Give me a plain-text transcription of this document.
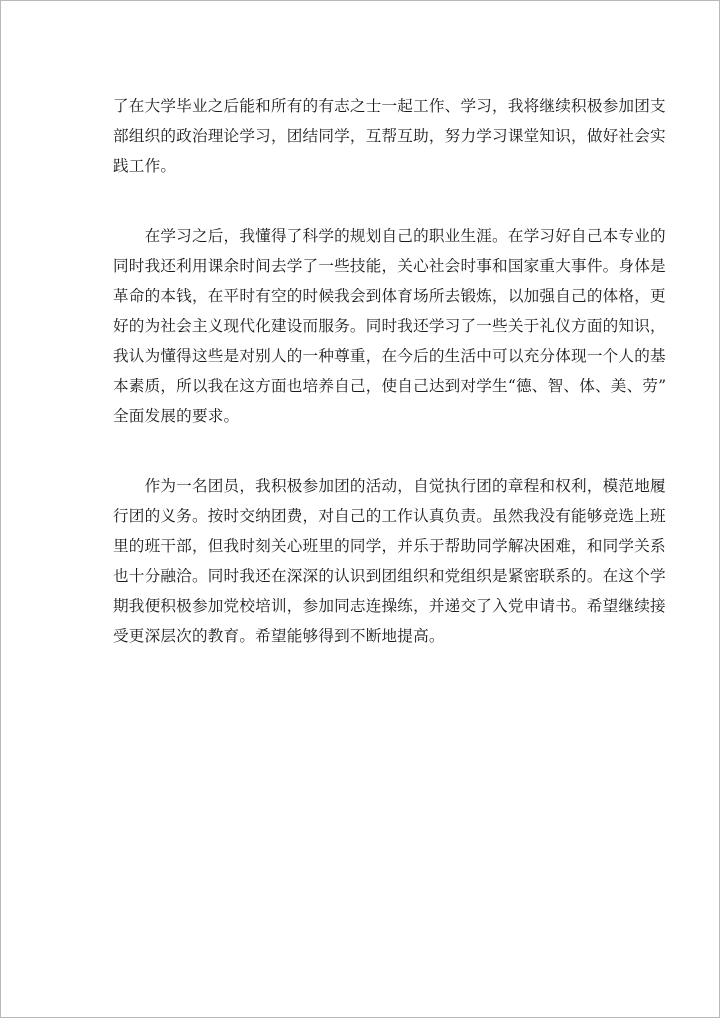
了在大学毕业之后能和所有的有志之士一起工作、学习，我将继续积极参加团支
部组织的政治理论学习，团结同学，互帮互助，努力学习课堂知识，做好社会实
践工作。
　　在学习之后，我懂得了科学的规划自己的职业生涯。在学习好自己本专业的
同时我还利用课余时间去学了一些技能，关心社会时事和国家重大事件。身体是
革命的本钱，在平时有空的时候我会到体育场所去锻炼，以加强自己的体格，更
好的为社会主义现代化建设而服务。同时我还学习了一些关于礼仪方面的知识，
我认为懂得这些是对别人的一种尊重，在今后的生活中可以充分体现一个人的基
本素质，所以我在这方面也培养自己，使自己达到对学生“德、智、体、美、劳”
全面发展的要求。
　　作为一名团员，我积极参加团的活动，自觉执行团的章程和权利，模范地履
行团的义务。按时交纳团费，对自己的工作认真负责。虽然我没有能够竞选上班
里的班干部，但我时刻关心班里的同学，并乐于帮助同学解决困难，和同学关系
也十分融洽。同时我还在深深的认识到团组织和党组织是紧密联系的。在这个学
期我便积极参加党校培训，参加同志连操练，并递交了入党申请书。希望继续接
受更深层次的教育。希望能够得到不断地提高。
